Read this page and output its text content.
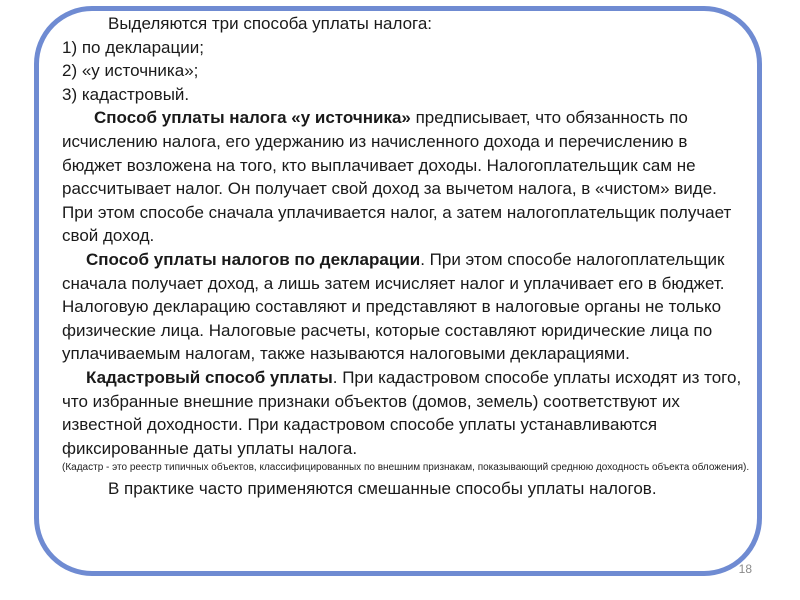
Выделяются три способа уплаты налога:

1) по декларации;

2) «у источника»;

3) кадастровый.

Способ уплаты налога «у источника» предписывает, что обязанность по исчислению налога, его удержанию из начисленного дохода и перечислению в бюджет возложена на того, кто выплачивает доходы. Налогоплательщик сам не рассчитывает налог. Он получает свой доход за вычетом налога, в «чистом» виде. При этом способе сначала уплачивается налог, а затем налогоплательщик получает свой доход.

Способ уплаты налогов по декларации. При этом способе налогоплательщик сначала получает доход, а лишь затем исчисляет налог и уплачивает его в бюджет. Налоговую декларацию составляют и представляют в налоговые органы не только физические лица. Налоговые расчеты, которые составляют юридические лица по уплачиваемым налогам, также называются налоговыми декларациями.

Кадастровый способ уплаты. При кадастровом способе уплаты исходят из того, что избранные внешние признаки объектов (домов, земель) соответствуют их известной доходности. При кадастровом способе уплаты устанавливаются фиксированные даты уплаты налога.

(Кадастр - это реестр типичных объектов, классифицированных по внешним признакам, показывающий среднюю доходность объекта обложения).

В практике часто применяются смешанные способы уплаты налогов.

18
